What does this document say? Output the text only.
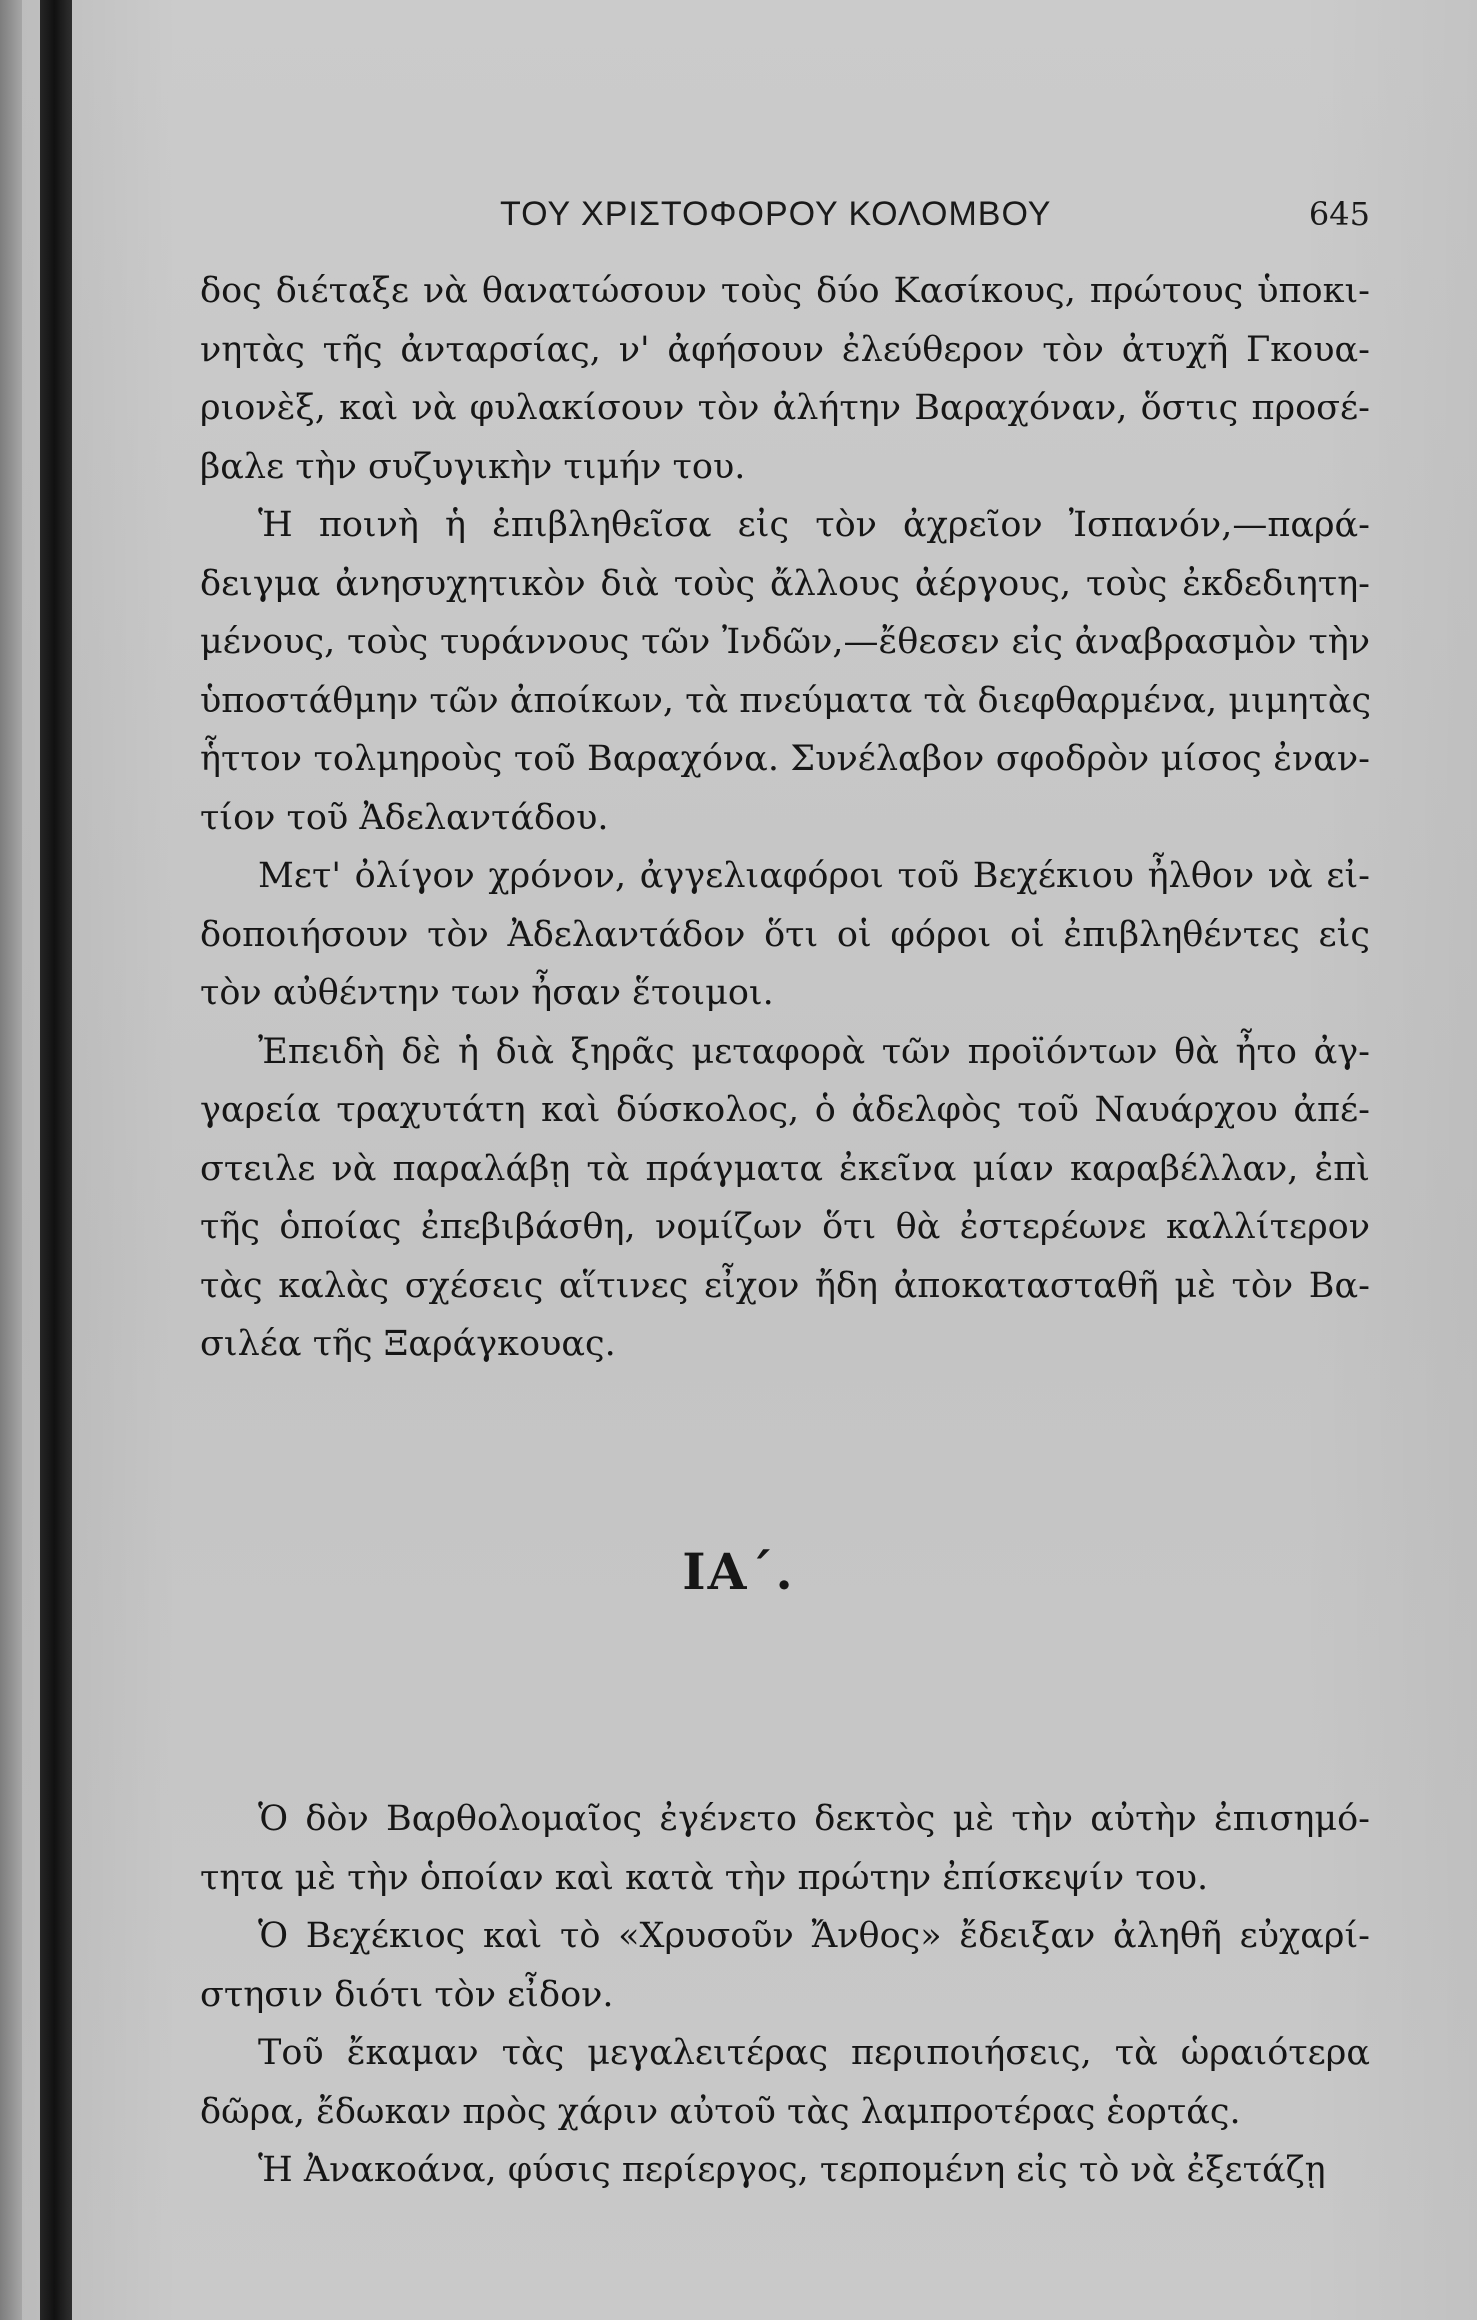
ΤΟΥ ΧΡΙΣΤΟΦΟΡΟΥ ΚΟΛΟΜΒΟΥ	645

δος διέταξε νὰ θανατώσουν τοὺς δύο Κασίκους, πρώτους ὑποκι-
νητὰς τῆς ἀνταρσίας, ν' ἀφήσουν ἐλεύθερον τὸν ἀτυχῆ Γκουα-
ριονὲξ, καὶ νὰ φυλακίσουν τὸν ἀλήτην Βαραχόναν, ὅστις προσέ-
βαλε τὴν συζυγικὴν τιμήν του.

Ἡ ποινὴ ἡ ἐπιβληθεῖσα εἰς τὸν ἀχρεῖον Ἰσπανόν,—παρά-
δειγμα ἀνησυχητικὸν διὰ τοὺς ἄλλους ἀέργους, τοὺς ἐκδεδιητη-
μένους, τοὺς τυράννους τῶν Ἰνδῶν,—ἔθεσεν εἰς ἀναβρασμὸν τὴν
ὑποστάθμην τῶν ἀποίκων, τὰ πνεύματα τὰ διεφθαρμένα, μιμητὰς
ἧττον τολμηροὺς τοῦ Βαραχόνα. Συνέλαβον σφοδρὸν μίσος ἐναν-
τίον τοῦ Ἀδελαντάδου.

Μετ' ὀλίγον χρόνον, ἀγγελιαφόροι τοῦ Βεχέκιου ἦλθον νὰ εἰ-
δοποιήσουν τὸν Ἀδελαντάδον ὅτι οἱ φόροι οἱ ἐπιβληθέντες εἰς
τὸν αὐθέντην των ἦσαν ἕτοιμοι.

Ἐπειδὴ δὲ ἡ διὰ ξηρᾶς μεταφορὰ τῶν προϊόντων θὰ ἦτο ἀγ-
γαρεία τραχυτάτη καὶ δύσκολος, ὁ ἀδελφὸς τοῦ Ναυάρχου ἀπέ-
στειλε νὰ παραλάβῃ τὰ πράγματα ἐκεῖνα μίαν καραβέλλαν, ἐπὶ
τῆς ὁποίας ἐπεβιβάσθη, νομίζων ὅτι θὰ ἐστερέωνε καλλίτερον
τὰς καλὰς σχέσεις αἵτινες εἶχον ἤδη ἀποκατασταθῆ μὲ τὸν Βα-
σιλέα τῆς Ξαράγκουας.

ΙΑ΄.

Ὁ δὸν Βαρθολομαῖος ἐγένετο δεκτὸς μὲ τὴν αὐτὴν ἐπισημό-
τητα μὲ τὴν ὁποίαν καὶ κατὰ τὴν πρώτην ἐπίσκεψίν του.

Ὁ Βεχέκιος καὶ τὸ «Χρυσοῦν Ἄνθος» ἔδειξαν ἀληθῆ εὐχαρί-
στησιν διότι τὸν εἶδον.

Τοῦ ἔκαμαν τὰς μεγαλειτέρας περιποιήσεις, τὰ ὡραιότερα
δῶρα, ἔδωκαν πρὸς χάριν αὐτοῦ τὰς λαμπροτέρας ἑορτάς.

Ἡ Ἀνακοάνα, φύσις περίεργος, τερπομένη εἰς τὸ νὰ ἐξετάζῃ
